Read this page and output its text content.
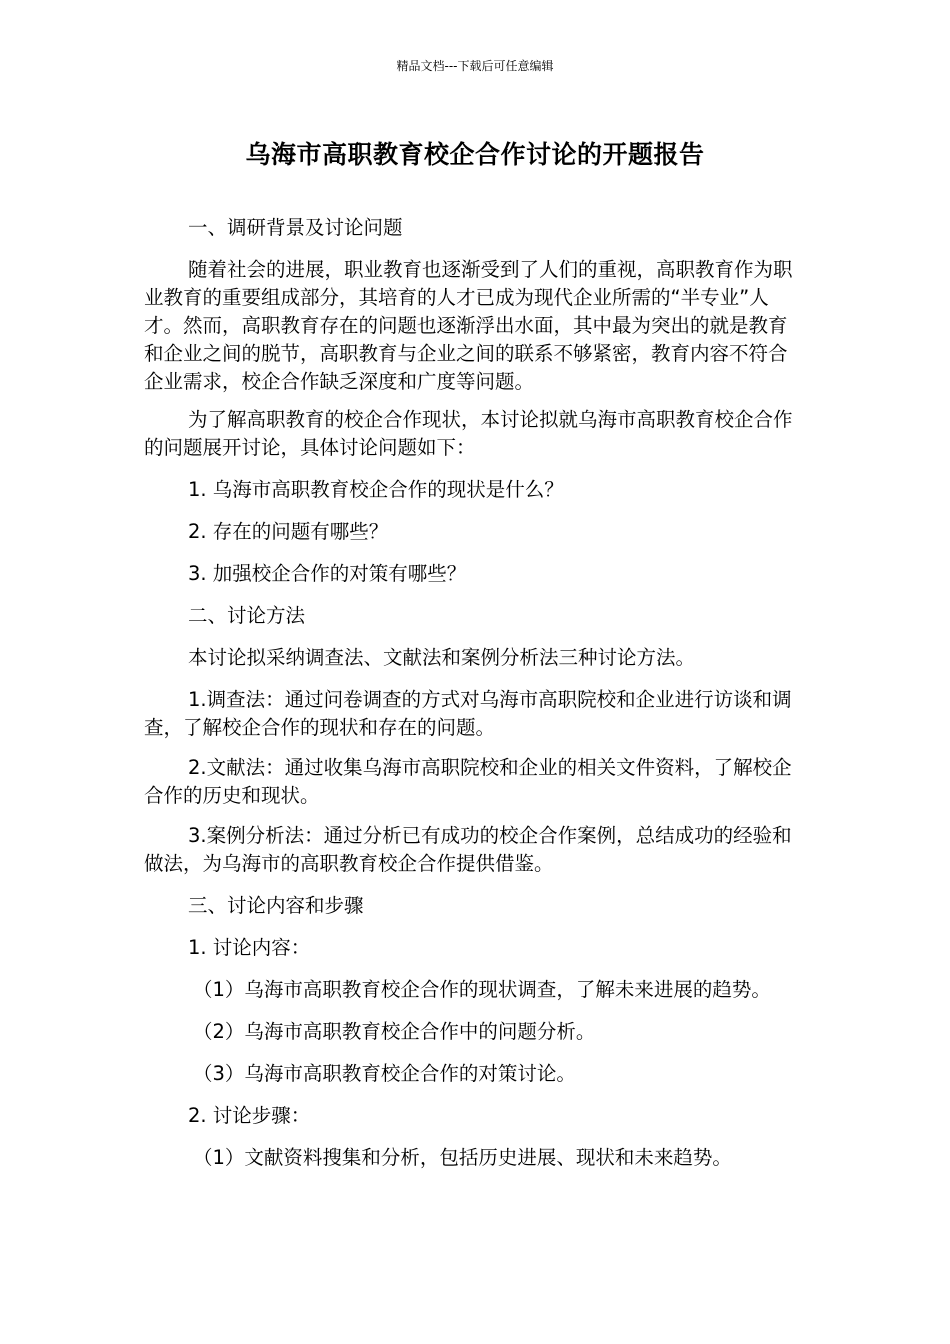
精品文档---下载后可任意编辑
乌海市高职教育校企合作讨论的开题报告

一、调研背景及讨论问题

随着社会的进展，职业教育也逐渐受到了人们的重视，高职教育作为职业教育的重要组成部分，其培育的人才已成为现代企业所需的“半专业”人才。然而，高职教育存在的问题也逐渐浮出水面，其中最为突出的就是教育和企业之间的脱节，高职教育与企业之间的联系不够紧密，教育内容不符合企业需求，校企合作缺乏深度和广度等问题。

为了解高职教育的校企合作现状，本讨论拟就乌海市高职教育校企合作的问题展开讨论，具体讨论问题如下：

1. 乌海市高职教育校企合作的现状是什么？

2. 存在的问题有哪些？

3. 加强校企合作的对策有哪些？

二、讨论方法

本讨论拟采纳调查法、文献法和案例分析法三种讨论方法。

1.调查法：通过问卷调查的方式对乌海市高职院校和企业进行访谈和调查，了解校企合作的现状和存在的问题。

2.文献法：通过收集乌海市高职院校和企业的相关文件资料，了解校企合作的历史和现状。

3.案例分析法：通过分析已有成功的校企合作案例，总结成功的经验和做法，为乌海市的高职教育校企合作提供借鉴。

三、讨论内容和步骤

1. 讨论内容：

（1）乌海市高职教育校企合作的现状调查，了解未来进展的趋势。

（2）乌海市高职教育校企合作中的问题分析。

（3）乌海市高职教育校企合作的对策讨论。

2. 讨论步骤：

（1）文献资料搜集和分析，包括历史进展、现状和未来趋势。
